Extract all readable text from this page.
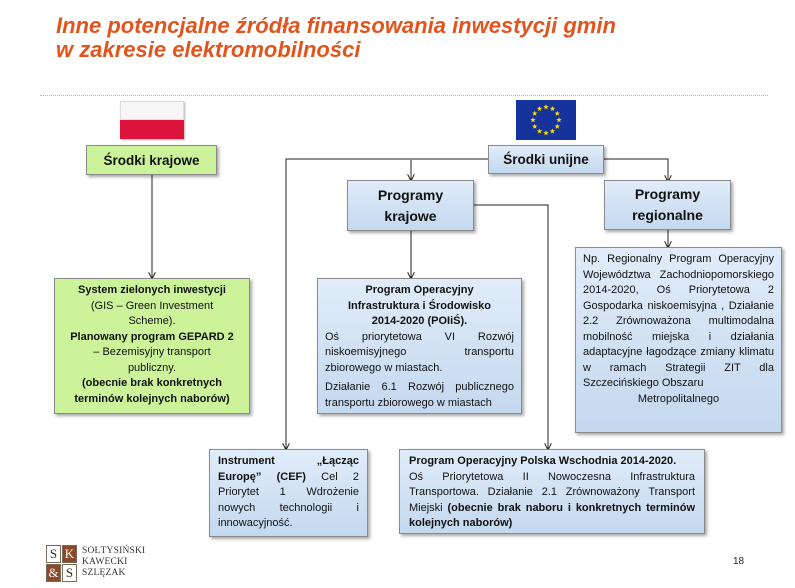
Inne potencjalne źródła finansowania inwestycji gmin
w zakresie elektromobilności
Środki krajowe	Środki unijne
Programy
krajowe
Programy
regionalne
System zielonych inwestycji
(GIS – Green Investment
Scheme).
Planowany program GEPARD 2
– Bezemisyjny transport
publiczny.
(obecnie brak konkretnych
terminów kolejnych naborów)
Program Operacyjny
Infrastruktura i Środowisko
2014-2020 (POIiŚ).
Oś priorytetowa VI Rozwój niskoemisyjnego transportu zbiorowego w miastach.
Działanie 6.1 Rozwój publicznego transportu zbiorowego w miastach
Np. Regionalny Program Operacyjny Województwa Zachodniopomorskiego 2014-2020, Oś Priorytetowa 2 Gospodarka niskoemisyjna , Działanie 2.2 Zrównoważona multimodalna mobilność miejska i działania adaptacyjne łagodzące zmiany klimatu w ramach Strategii ZIT dla Szczecińskiego Obszaru
Metropolitalnego
Instrument „Łącząc Europę” (CEF) Cel 2 Priorytet 1 Wdrożenie nowych technologii i innowacyjność.
Program Operacyjny Polska Wschodnia 2014-2020.
Oś Priorytetowa II Nowoczesna Infrastruktura Transportowa. Działanie 2.1 Zrównoważony Transport Miejski (obecnie brak naboru i konkretnych terminów kolejnych naborów)
S K
& S
SOŁTYSIŃSKI
KAWECKI
SZLĘZAK
18
